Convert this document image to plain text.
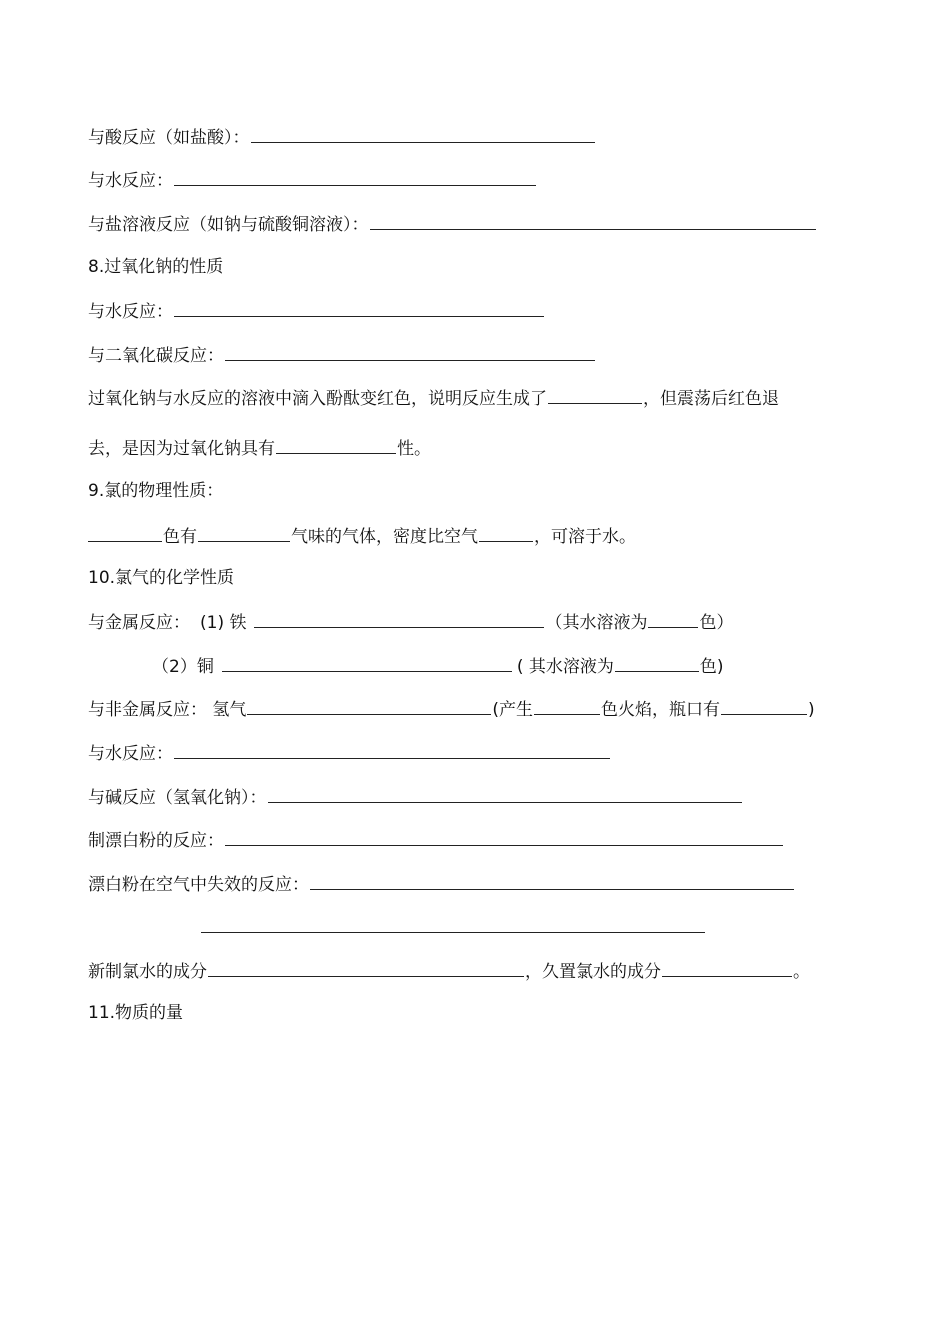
与酸反应（如盐酸）：
与水反应：
与盐溶液反应（如钠与硫酸铜溶液）：
8.过氧化钠的性质
与水反应：
与二氧化碳反应：
过氧化钠与水反应的溶液中滴入酚酞变红色，说明反应生成了	，但震荡后红色退
去，是因为过氧化钠具有	性。
9.氯的物理性质：
色有	气味的气体，密度比空气	，可溶于水。
10.氯气的化学性质
与金属反应： (1) 铁	（其水溶液为	色）
（2）铜	( 其水溶液为	色)
与非金属反应： 氢气	(产生	色火焰，瓶口有	)
与水反应：
与碱反应（氢氧化钠）：
制漂白粉的反应：
漂白粉在空气中失效的反应：
新制氯水的成分	，久置氯水的成分	。
11.物质的量
